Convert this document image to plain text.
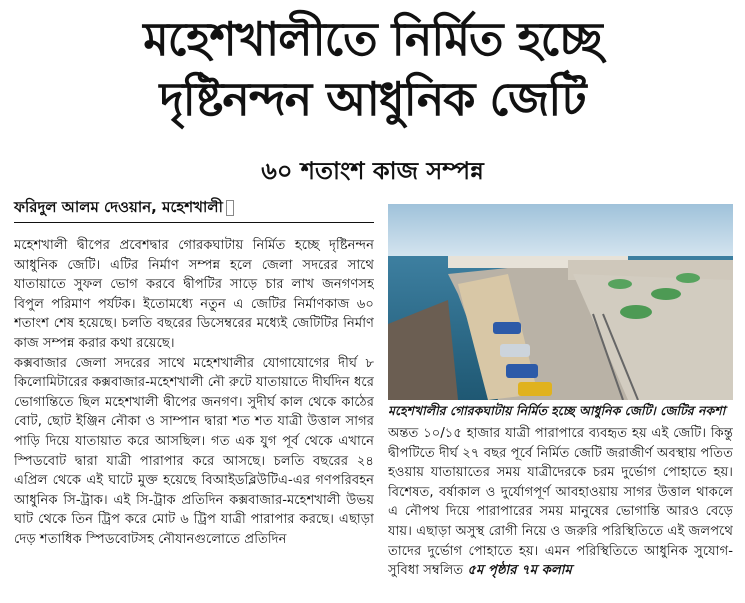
মহেশখালীতে নির্মিত হচ্ছে
দৃষ্টিনন্দন আধুনিক জেটি
৬০ শতাংশ কাজ সম্পন্ন
ফরিদুল আলম দেওয়ান, মহেশখালী

মহেশখালী দ্বীপের প্রবেশদ্বার গোরকঘাটায় নির্মিত হচ্ছে দৃষ্টিনন্দন আধুনিক জেটি। এটির নির্মাণ সম্পন্ন হলে জেলা সদরের সাথে যাতায়াতে সুফল ভোগ করবে দ্বীপটির সাড়ে চার লাখ জনগণসহ বিপুল পরিমাণ পর্যটক। ইতোমধ্যে নতুন এ জেটির নির্মাণকাজ ৬০ শতাংশ শেষ হয়েছে। চলতি বছরের ডিসেম্বরের মধ্যেই জেটিটির নির্মাণ কাজ সম্পন্ন করার কথা রয়েছে।

কক্সবাজার জেলা সদরের সাথে মহেশখালীর যোগাযোগের দীর্ঘ ৮ কিলোমিটারের কক্সবাজার-মহেশখালী নৌ রুটে যাতায়াতে দীর্ঘদিন ধরে ভোগান্তিতে ছিল মহেশখালী দ্বীপের জনগণ। সুদীর্ঘ কাল থেকে কাঠের বোট, ছোট ইঞ্জিন নৌকা ও সাম্পান দ্বারা শত শত যাত্রী উত্তাল সাগর পাড়ি দিয়ে যাতায়াত করে আসছিল। গত এক যুগ পূর্ব থেকে এখানে স্পিডবোট দ্বারা যাত্রী পারাপার করে আসছে। চলতি বছরের ২৪ এপ্রিল থেকে এই ঘাটে মুক্ত হয়েছে বিআইডব্লিউটিএ-এর গণপরিবহন আধুনিক সি-ট্রাক। এই সি-ট্রাক প্রতিদিন কক্সবাজার-মহেশখালী উভয় ঘাট থেকে তিন ট্রিপ করে মোট ৬ ট্রিপ যাত্রী পারাপার করছে। এছাড়া দেড় শতাধিক স্পিডবোটসহ নৌযানগুলোতে প্রতিদিন

মহেশখালীর গোরকঘাটায় নির্মিত হচ্ছে আধুনিক জেটি। জেটির নকশা

অন্তত ১০/১৫ হাজার যাত্রী পারাপারে ব্যবহৃত হয় এই জেটি। কিন্তু দ্বীপটিতে দীর্ঘ ২৭ বছর পূর্বে নির্মিত জেটি জরাজীর্ণ অবস্থায় পতিত হওয়ায় যাতায়াতের সময় যাত্রীদেরকে চরম দুর্ভোগ পোহাতে হয়। বিশেষত, বর্ষাকাল ও দুর্যোগপূর্ণ আবহাওয়ায় সাগর উত্তাল থাকলে এ নৌপথ দিয়ে পারাপারের সময় মানুষের ভোগান্তি আরও বেড়ে যায়। এছাড়া অসুস্থ রোগী নিয়ে ও জরুরি পরিস্থিতিতে এই জলপথে তাদের দুর্ভোগ পোহাতে হয়। এমন পরিস্থিতিতে আধুনিক সুযোগ-সুবিধা সম্বলিত ৫ম পৃষ্ঠার ৭ম কলাম
